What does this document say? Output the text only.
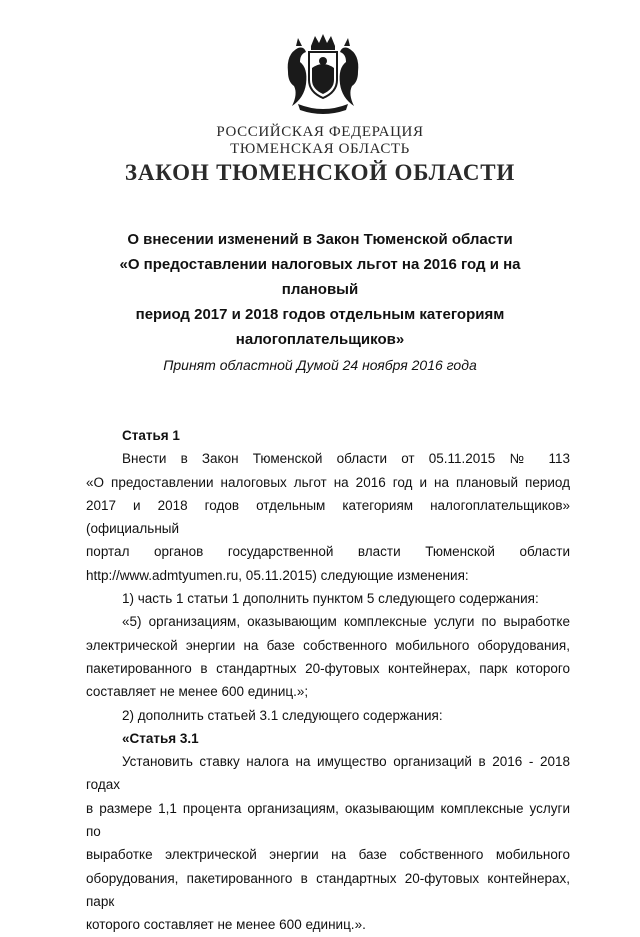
РОССИЙСКАЯ ФЕДЕРАЦИЯ
ТЮМЕНСКАЯ ОБЛАСТЬ
ЗАКОН ТЮМЕНСКОЙ ОБЛАСТИ
О внесении изменений в Закон Тюменской области
«О предоставлении налоговых льгот на 2016 год и на плановый
период 2017 и 2018 годов отдельным категориям
налогоплательщиков»
Принят областной Думой 24 ноября 2016 года

Статья 1

Внести в Закон Тюменской области от 05.11.2015 № 113

«О предоставлении налоговых льгот на 2016 год и на плановый период

2017 и 2018 годов отдельным категориям налогоплательщиков» (официальный

портал органов государственной власти Тюменской области

http://www.admtyumen.ru, 05.11.2015) следующие изменения:

1) часть 1 статьи 1 дополнить пунктом 5 следующего содержания:

«5) организациям, оказывающим комплексные услуги по выработке

электрической энергии на базе собственного мобильного оборудования,

пакетированного в стандартных 20-футовых контейнерах, парк которого

составляет не менее 600 единиц.»;

2) дополнить статьей 3.1 следующего содержания:

«Статья 3.1

Установить ставку налога на имущество организаций в 2016 - 2018 годах

в размере 1,1 процента организациям, оказывающим комплексные услуги по

выработке электрической энергии на базе собственного мобильного

оборудования, пакетированного в стандартных 20-футовых контейнерах, парк

которого составляет не менее 600 единиц.».
